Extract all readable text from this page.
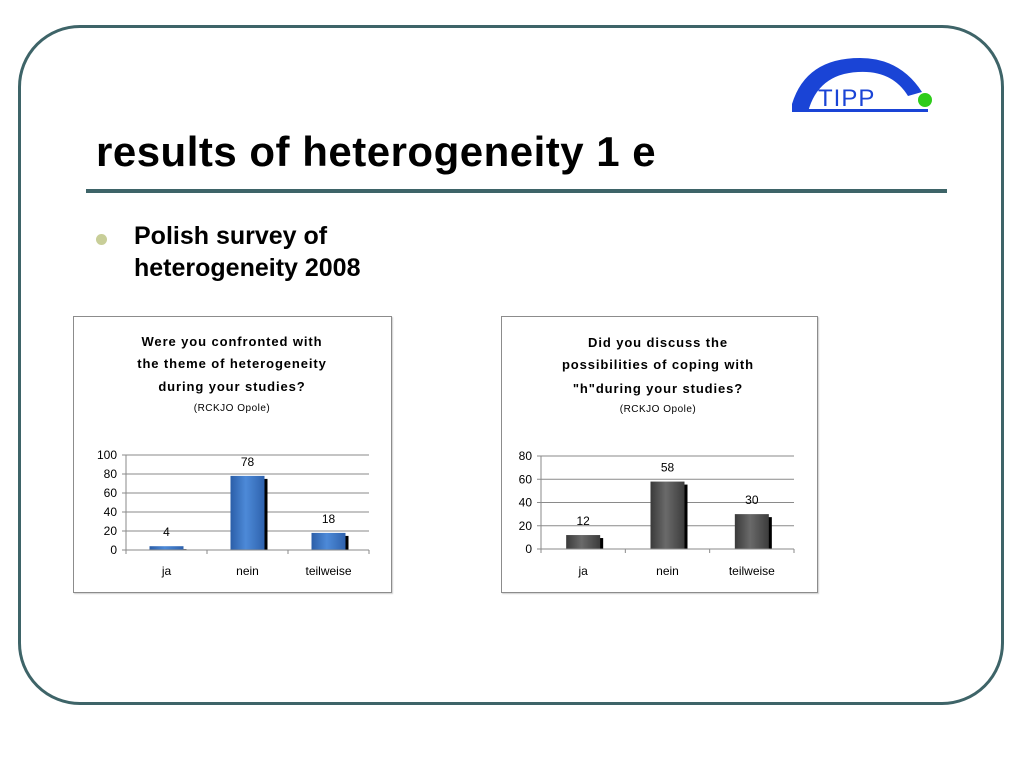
TIPP
results of heterogeneity 1 e
Polish survey of heterogeneity 2008
Were you confronted with
the theme of heterogeneity
during your studies?
(RCKJO Opole)
0
20
40
60
80
100
4
ja
78
nein
18
teilweise
Did you discuss the
possibilities of coping with
"h"during your studies?
(RCKJO Opole)
0
20
40
60
80
12
ja
58
nein
30
teilweise
